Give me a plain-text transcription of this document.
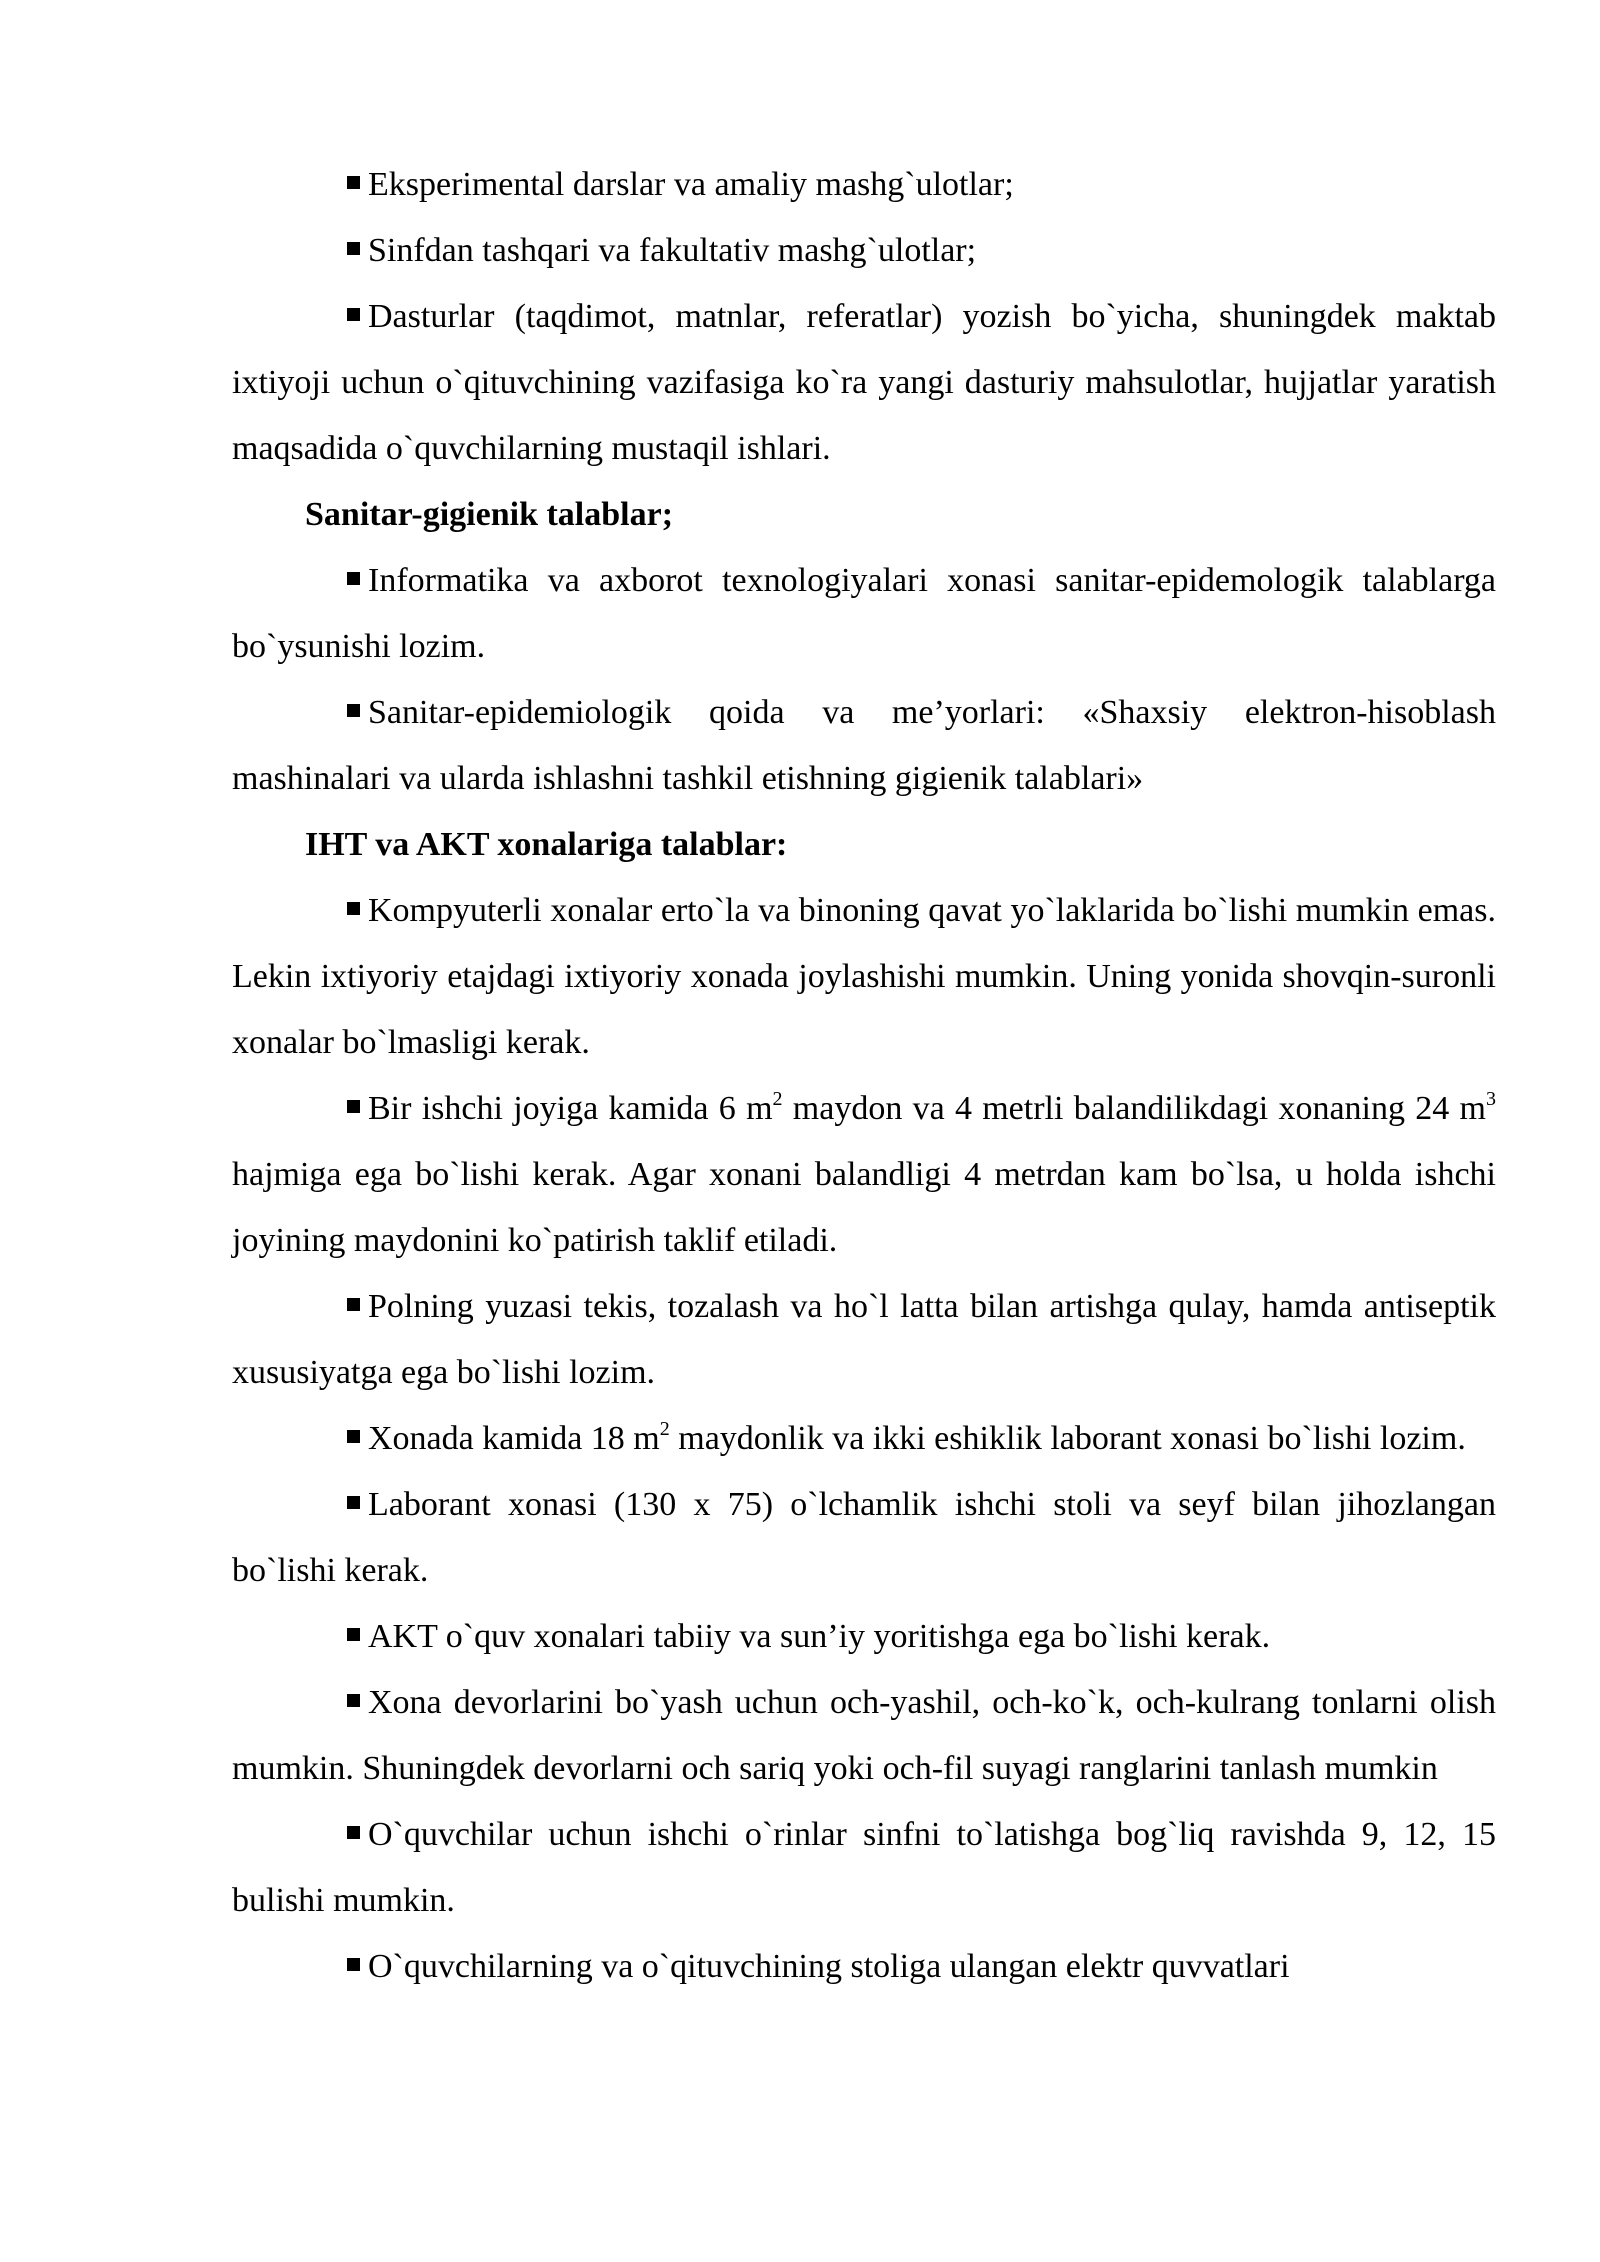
Eksperimental darslar va amaliy mashg`ulotlar;

Sinfdan tashqari va fakultativ mashg`ulotlar;

Dasturlar (taqdimot, matnlar, referatlar) yozish bo`yicha, shuningdek maktab ixtiyoji uchun o`qituvchining vazifasiga ko`ra yangi dasturiy mahsulotlar, hujjatlar yaratish maqsadida o`quvchilarning mustaqil ishlari.

Sanitar-gigienik talablar;

Informatika va axborot texnologiyalari xonasi sanitar-epidemologik talablarga bo`ysunishi lozim.

Sanitar-epidemiologik qoida va me’yorlari: «Shaxsiy elektron-hisoblash mashinalari va ularda ishlashni tashkil etishning gigienik talablari»

IHT va AKT xonalariga talablar:

Kompyuterli xonalar erto`la va binoning qavat yo`laklarida bo`lishi mumkin emas. Lekin ixtiyoriy etajdagi ixtiyoriy xonada joylashishi mumkin. Uning yonida shovqin-suronli xonalar bo`lmasligi kerak.

Bir ishchi joyiga kamida 6 $m^2$ maydon va 4 metrli balandilikdagi xonaning 24 $m^3$ hajmiga ega bo`lishi kerak. Agar xonani balandligi 4 metrdan kam bo`lsa, u holda ishchi joyining maydonini ko`patirish taklif etiladi.

Polning yuzasi tekis, tozalash va ho`l latta bilan artishga qulay, hamda antiseptik xususiyatga ega bo`lishi lozim.

Xonada kamida 18 $m^2$ maydonlik va ikki eshiklik laborant xonasi bo`lishi lozim.

Laborant xonasi (130 x 75) o`lchamlik ishchi stoli va seyf bilan jihozlangan bo`lishi kerak.

AKT o`quv xonalari tabiiy va sun’iy yoritishga ega bo`lishi kerak.

Xona devorlarini bo`yash uchun och-yashil, och-ko`k, och-kulrang tonlarni olish mumkin. Shuningdek devorlarni och sariq yoki och-fil suyagi ranglarini tanlash mumkin

O`quvchilar uchun ishchi o`rinlar sinfni to`latishga bog`liq ravishda 9, 12, 15 bulishi mumkin.

O`quvchilarning va o`qituvchining stoliga ulangan elektr quvvatlari
